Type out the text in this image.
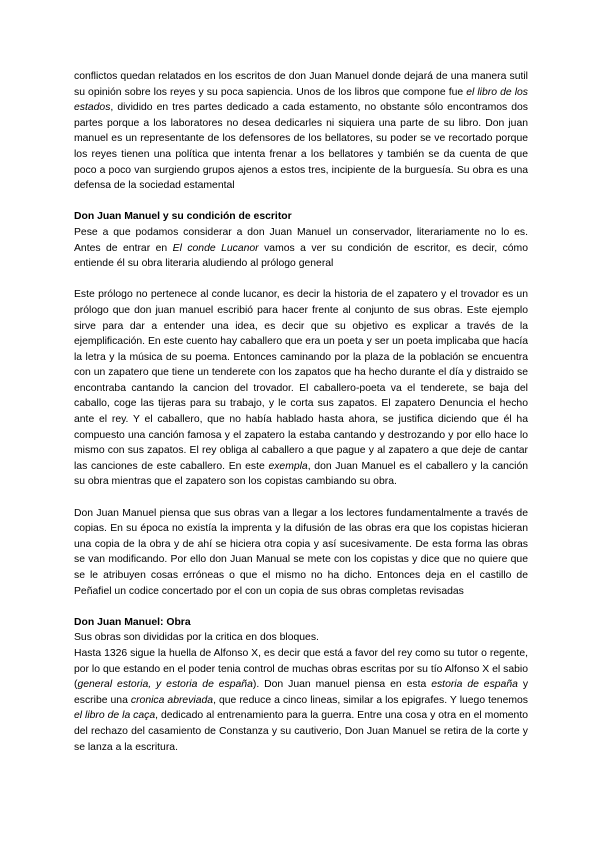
conflictos quedan relatados en los escritos de don Juan Manuel donde dejará de una manera sutil su opinión sobre los reyes y su poca sapiencia. Unos de los libros que compone fue el libro de los estados, dividido en tres partes dedicado a cada estamento, no obstante sólo encontramos dos partes porque a los laboratores no desea dedicarles ni siquiera una parte de su libro. Don juan manuel es un representante de los defensores de los bellatores, su poder se ve recortado porque los reyes tienen una política que intenta frenar a los bellatores y también se da cuenta de que poco a poco van surgiendo grupos ajenos a estos tres, incipiente de la burguesía. Su obra es una defensa de la sociedad estamental

Don Juan Manuel y su condición de escritor

Pese a que podamos considerar a don Juan Manuel un conservador, literariamente no lo es. Antes de entrar en El conde Lucanor vamos a ver su condición de escritor, es decir, cómo entiende él su obra literaria aludiendo al prólogo general

Este prólogo no pertenece al conde lucanor, es decir la historia de el zapatero y el trovador es un prólogo que don juan manuel escribió para hacer frente al conjunto de sus obras. Este ejemplo sirve para dar a entender una idea, es decir que su objetivo es explicar a través de la ejemplificación. En este cuento hay caballero que era un poeta y ser un poeta implicaba que hacía la letra y la música de su poema. Entonces caminando por la plaza de la población se encuentra con un zapatero que tiene un tenderete con los zapatos que ha hecho durante el día y distraido se encontraba cantando la cancion del trovador. El caballero-poeta va el tenderete, se baja del caballo, coge las tijeras para su trabajo, y le corta sus zapatos. El zapatero Denuncia el hecho ante el rey. Y el caballero, que no había hablado hasta ahora, se justifica diciendo que él ha compuesto una canción famosa y el zapatero la estaba cantando y destrozando y por ello hace lo mismo con sus zapatos. El rey obliga al caballero a que pague y al zapatero a que deje de cantar las canciones de este caballero. En este exempla, don Juan Manuel es el caballero y la canción su obra mientras que el zapatero son los copistas cambiando su obra.

Don Juan Manuel piensa que sus obras van a llegar a los lectores fundamentalmente a través de copias. En su época no existía la imprenta y la difusión de las obras era que los copistas hicieran una copia de la obra y de ahí se hiciera otra copia y así sucesivamente. De esta forma las obras se van modificando. Por ello don Juan Manual se mete con los copistas y dice que no quiere que se le atribuyen cosas erróneas o que el mismo no ha dicho. Entonces deja en el castillo de Peñafiel un codice concertado por el con un copia de sus obras completas revisadas

Don Juan Manuel: Obra

Sus obras son divididas por la critica en dos bloques.

Hasta 1326 sigue la huella de Alfonso X, es decir que está a favor del rey como su tutor o regente, por lo que estando en el poder tenia control de muchas obras escritas por su tío Alfonso X el sabio (general estoria, y estoria de españa). Don Juan manuel piensa en esta estoria de españa y escribe una cronica abreviada, que reduce a cinco lineas, similar a los epigrafes. Y luego tenemos el libro de la caça, dedicado al entrenamiento para la guerra. Entre una cosa y otra en el momento del rechazo del casamiento de Constanza y su cautiverio, Don Juan Manuel se retira de la corte y se lanza a la escritura.
